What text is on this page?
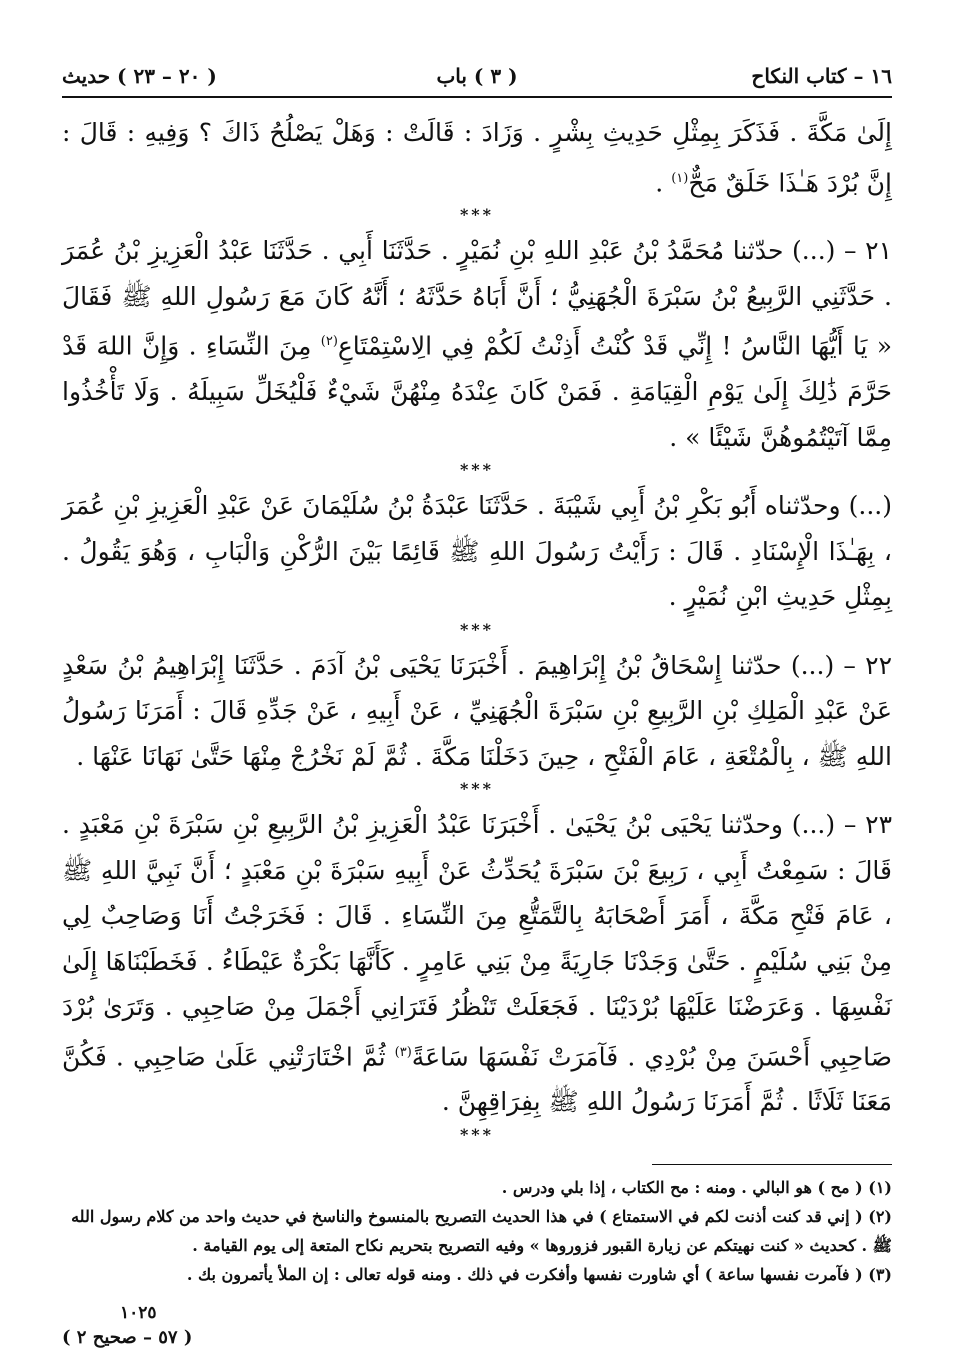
١٦ – كتاب النكاح
( ٣ ) باب
( ٢٠ – ٢٣ ) حديث

إِلَىٰ مَكَّةَ . فَذَكَرَ بِمِثْلِ حَدِيثِ بِشْرٍ . وَزَادَ : قَالَتْ : وَهَلْ يَصْلُحُ ذَاكَ ؟ وَفِيهِ : قَالَ : إِنَّ بُرْدَ هَـٰذَا خَلَقٌ مَحٌّ$^{(١)}$ .

***

٢١ – (...) حدّثنا مُحَمَّدُ بْنُ عَبْدِ اللهِ بْنِ نُمَيْرٍ . حَدَّثَنَا أَبِي . حَدَّثَنَا عَبْدُ الْعَزِيزِ بْنُ عُمَرَ . حَدَّثَنِي الرَّبِيعُ بْنُ سَبْرَةَ الْجُهَنِيُّ ؛ أَنَّ أَبَاهُ حَدَّثَهُ ؛ أَنَّهُ كَانَ مَعَ رَسُولِ اللهِ ﷺ فَقَالَ « يَا أَيُّهَا النَّاسُ ! إِنِّي قَدْ كُنْتُ أَذِنْتُ لَكُمْ فِي الِاسْتِمْتَاعِ$^{(٢)}$ مِنَ النِّسَاءِ . وَإِنَّ اللهَ قَدْ حَرَّمَ ذَٰلِكَ إِلَىٰ يَوْمِ الْقِيَامَةِ . فَمَنْ كَانَ عِنْدَهُ مِنْهُنَّ شَيْءٌ فَلْيُخَلِّ سَبِيلَهُ . وَلَا تَأْخُذُوا مِمَّا آتَيْتُمُوهُنَّ شَيْئًا » .

***

(...) وحدّثناه أَبُو بَكْرِ بْنُ أَبِي شَيْبَةَ . حَدَّثَنَا عَبْدَةُ بْنُ سُلَيْمَانَ عَنْ عَبْدِ الْعَزِيزِ بْنِ عُمَرَ ، بِهَـٰذَا الْإِسْنَادِ . قَالَ : رَأَيْتُ رَسُولَ اللهِ ﷺ قَائِمًا بَيْنَ الرُّكْنِ وَالْبَابِ ، وَهُوَ يَقُولُ . بِمِثْلِ حَدِيثِ ابْنِ نُمَيْرٍ .

***

٢٢ – (...) حدّثنا إِسْحَاقُ بْنُ إِبْرَاهِيمَ . أَخْبَرَنَا يَحْيَى بْنُ آدَمَ . حَدَّثَنَا إِبْرَاهِيمُ بْنُ سَعْدٍ عَنْ عَبْدِ الْمَلِكِ بْنِ الرَّبِيعِ بْنِ سَبْرَةَ الْجُهَنِيِّ ، عَنْ أَبِيهِ ، عَنْ جَدِّهِ قَالَ : أَمَرَنَا رَسُولُ اللهِ ﷺ ، بِالْمُتْعَةِ ، عَامَ الْفَتْحِ ، حِينَ دَخَلْنَا مَكَّةَ . ثُمَّ لَمْ نَخْرُجْ مِنْهَا حَتَّىٰ نَهَانَا عَنْهَا .

***

٢٣ – (...) وحدّثنا يَحْيَى بْنُ يَحْيَىٰ . أَخْبَرَنَا عَبْدُ الْعَزِيزِ بْنُ الرَّبِيعِ بْنِ سَبْرَةَ بْنِ مَعْبَدٍ . قَالَ : سَمِعْتُ أَبِي ، رَبِيعَ بْنَ سَبْرَةَ يُحَدِّثُ عَنْ أَبِيهِ سَبْرَةَ بْنِ مَعْبَدٍ ؛ أَنَّ نَبِيَّ اللهِ ﷺ ، عَامَ فَتْحِ مَكَّةَ ، أَمَرَ أَصْحَابَهُ بِالتَّمَتُّعِ مِنَ النِّسَاءِ . قَالَ : فَخَرَجْتُ أَنَا وَصَاحِبٌ لِي مِنْ بَنِي سُلَيْمٍ . حَتَّىٰ وَجَدْنَا جَارِيَةً مِنْ بَنِي عَامِرٍ . كَأَنَّهَا بَكْرَةٌ عَيْطَاءُ . فَخَطَبْنَاهَا إِلَىٰ نَفْسِهَا . وَعَرَضْنَا عَلَيْهَا بُرْدَيْنَا . فَجَعَلَتْ تَنْظُرُ فَتَرَانِي أَجْمَلَ مِنْ صَاحِبِي . وَتَرَىٰ بُرْدَ صَاحِبِي أَحْسَنَ مِنْ بُرْدِي . فَآمَرَتْ نَفْسَهَا سَاعَةً$^{(٣)}$ ثُمَّ اخْتَارَتْنِي عَلَىٰ صَاحِبِي . فَكُنَّ مَعَنَا ثَلَاثًا . ثُمَّ أَمَرَنَا رَسُولُ اللهِ ﷺ بِفِرَاقِهِنَّ .

***

(١) ( مح ) هو البالي . ومنه : مح الكتاب ، إذا بلي ودرس .

(٢) ( إني قد كنت أذنت لكم في الاستمتاع ) في هذا الحديث التصريح بالمنسوخ والناسخ في حديث واحد من كلام رسول الله ﷺ . كحديث « كنت نهيتكم عن زيارة القبور فزوروها » وفيه التصريح بتحريم نكاح المتعة إلى يوم القيامة .

(٣) ( فآمرت نفسها ساعة ) أي شاورت نفسها وأفكرت في ذلك . ومنه قوله تعالى : إن الملأ يأتمرون بك .

١٠٢٥
( ٥٧ – صحيح ٢ )
